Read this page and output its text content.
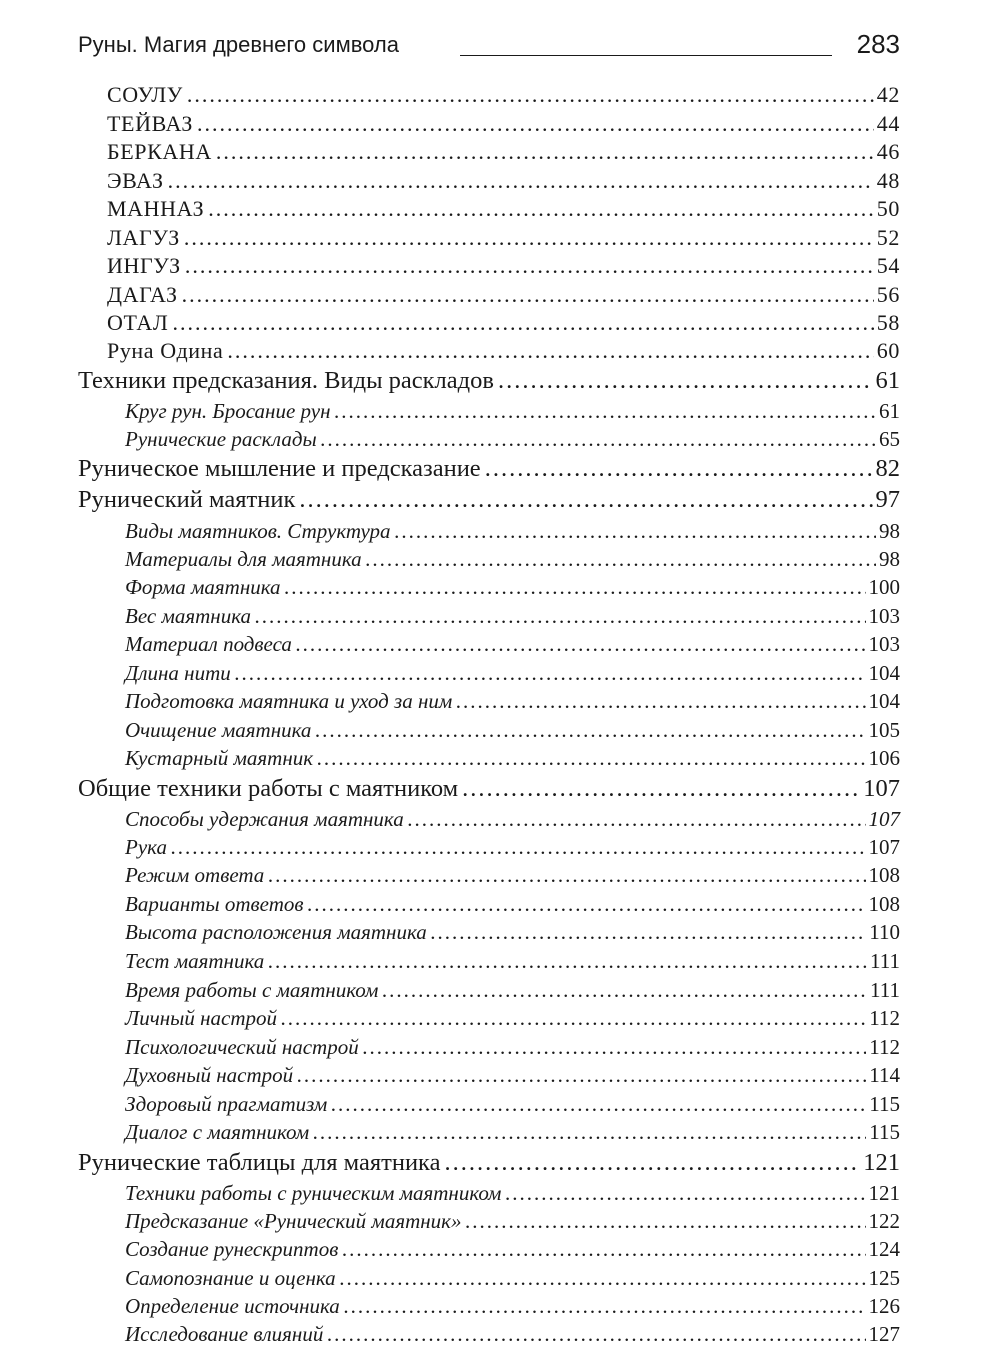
Руны. Магия древнего символа	283
СОУЛУ .....	42
ТЕЙВАЗ .....	44
БЕРКАНА .....	46
ЭВАЗ .....	48
МАННАЗ .....	50
ЛАГУЗ .....	52
ИНГУЗ .....	54
ДАГАЗ .....	56
ОТАЛ .....	58
Руна Одина .....	60
Техники предсказания. Виды раскладов .....	61
Круг рун. Бросание рун .....	61
Рунические расклады .....	65
Руническое мышление и предсказание .....	82
Рунический маятник .....	97
Виды маятников. Структура .....	98
Материалы для маятника .....	98
Форма маятника .....	100
Вес маятника .....	103
Материал подвеса .....	103
Длина нити .....	104
Подготовка маятника и уход за ним .....	104
Очищение маятника .....	105
Кустарный маятник .....	106
Общие техники работы с маятником .....	107
Способы удержания маятника .....	107
Рука .....	107
Режим ответа .....	108
Варианты ответов .....	108
Высота расположения маятника .....	110
Тест маятника .....	111
Время работы с маятником .....	111
Личный настрой .....	112
Психологический настрой .....	112
Духовный настрой .....	114
Здоровый прагматизм .....	115
Диалог с маятником .....	115
Рунические таблицы для маятника .....	121
Техники работы с руническим маятником .....	121
Предсказание «Рунический маятник» .....	122
Создание рунескриптов .....	124
Самопознание и оценка .....	125
Определение источника .....	126
Исследование влияний .....	127
